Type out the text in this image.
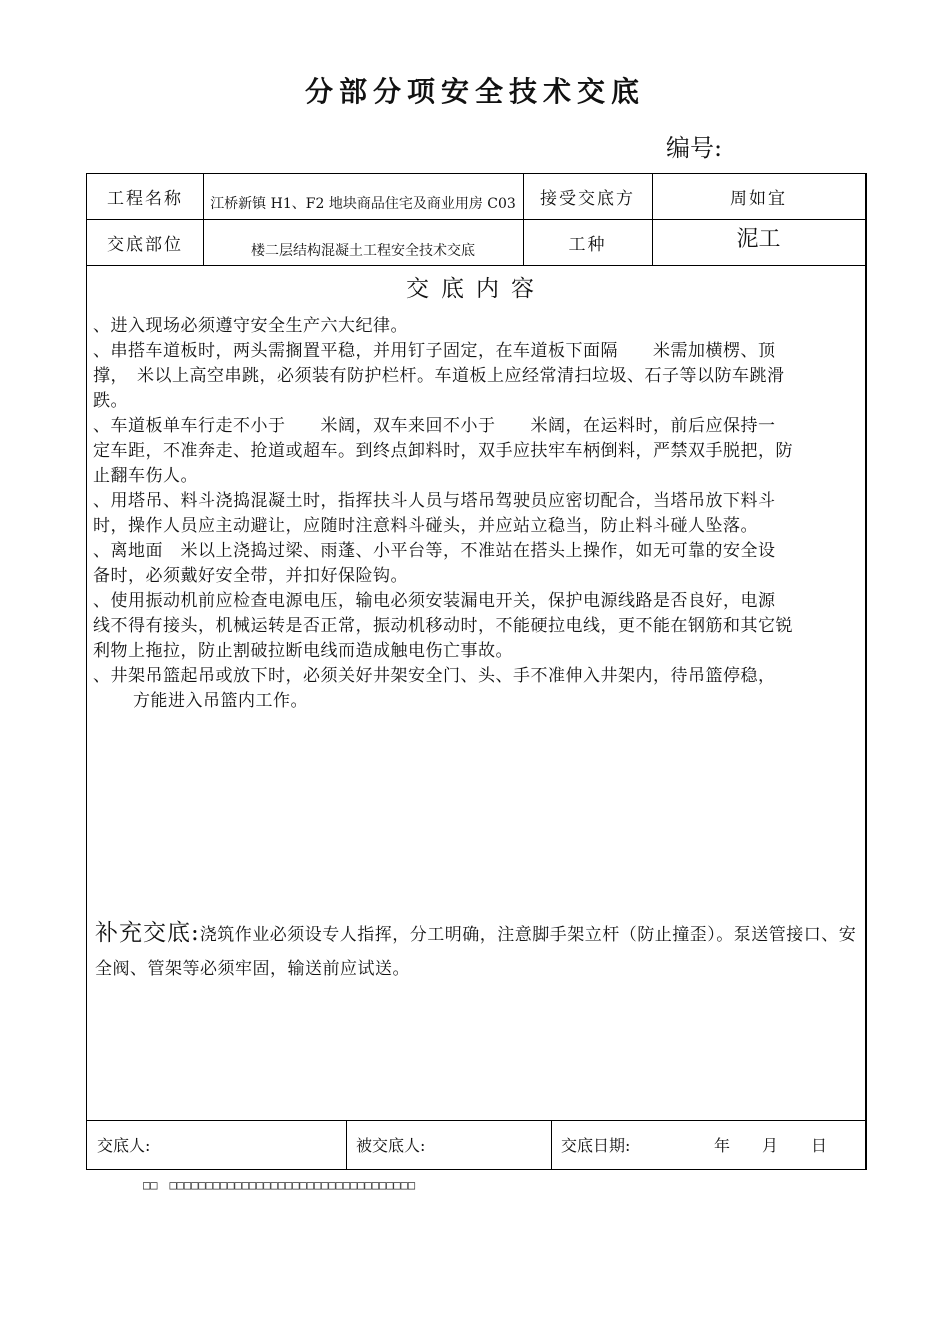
分部分项安全技术交底
编号:
工程名称	江桥新镇 H1、F2 地块商品住宅及商业用房 C03	接受交底方	周如宜
交底部位	楼二层结构混凝土工程安全技术交底	工种	泥工
交底内容

、进入现场必须遵守安全生产六大纪律。

、串搭车道板时，两头需搁置平稳，并用钉子固定，在车道板下面隔　　米需加横楞、顶

撑，　米以上高空串跳，必须装有防护栏杆。车道板上应经常清扫垃圾、石子等以防车跳滑

跌。

、车道板单车行走不小于　　米阔，双车来回不小于　　米阔，在运料时，前后应保持一

定车距，不准奔走、抢道或超车。到终点卸料时，双手应扶牢车柄倒料，严禁双手脱把，防

止翻车伤人。

、用塔吊、料斗浇捣混凝土时，指挥扶斗人员与塔吊驾驶员应密切配合，当塔吊放下料斗

时，操作人员应主动避让，应随时注意料斗碰头，并应站立稳当，防止料斗碰人坠落。

、离地面　米以上浇捣过梁、雨蓬、小平台等，不准站在搭头上操作，如无可靠的安全设

备时，必须戴好安全带，并扣好保险钩。

、使用振动机前应检查电源电压，输电必须安装漏电开关，保护电源线路是否良好，电源

线不得有接头，机械运转是否正常，振动机移动时，不能硬拉电线，更不能在钢筋和其它锐

利物上拖拉，防止割破拉断电线而造成触电伤亡事故。

、井架吊篮起吊或放下时，必须关好井架安全门、头、手不准伸入井架内，待吊篮停稳，

方能进入吊篮内工作。

补充交底:浇筑作业必须设专人指挥，分工明确，注意脚手架立杆（防止撞歪）。泵送管接口、安全阀、管架等必须牢固，输送前应试送。
交底人:	被交底人:	交底日期:	年 月 日
□□　□□□□□□□□□□□□□□□□□□□□□□□□□□□□□□□□□□
